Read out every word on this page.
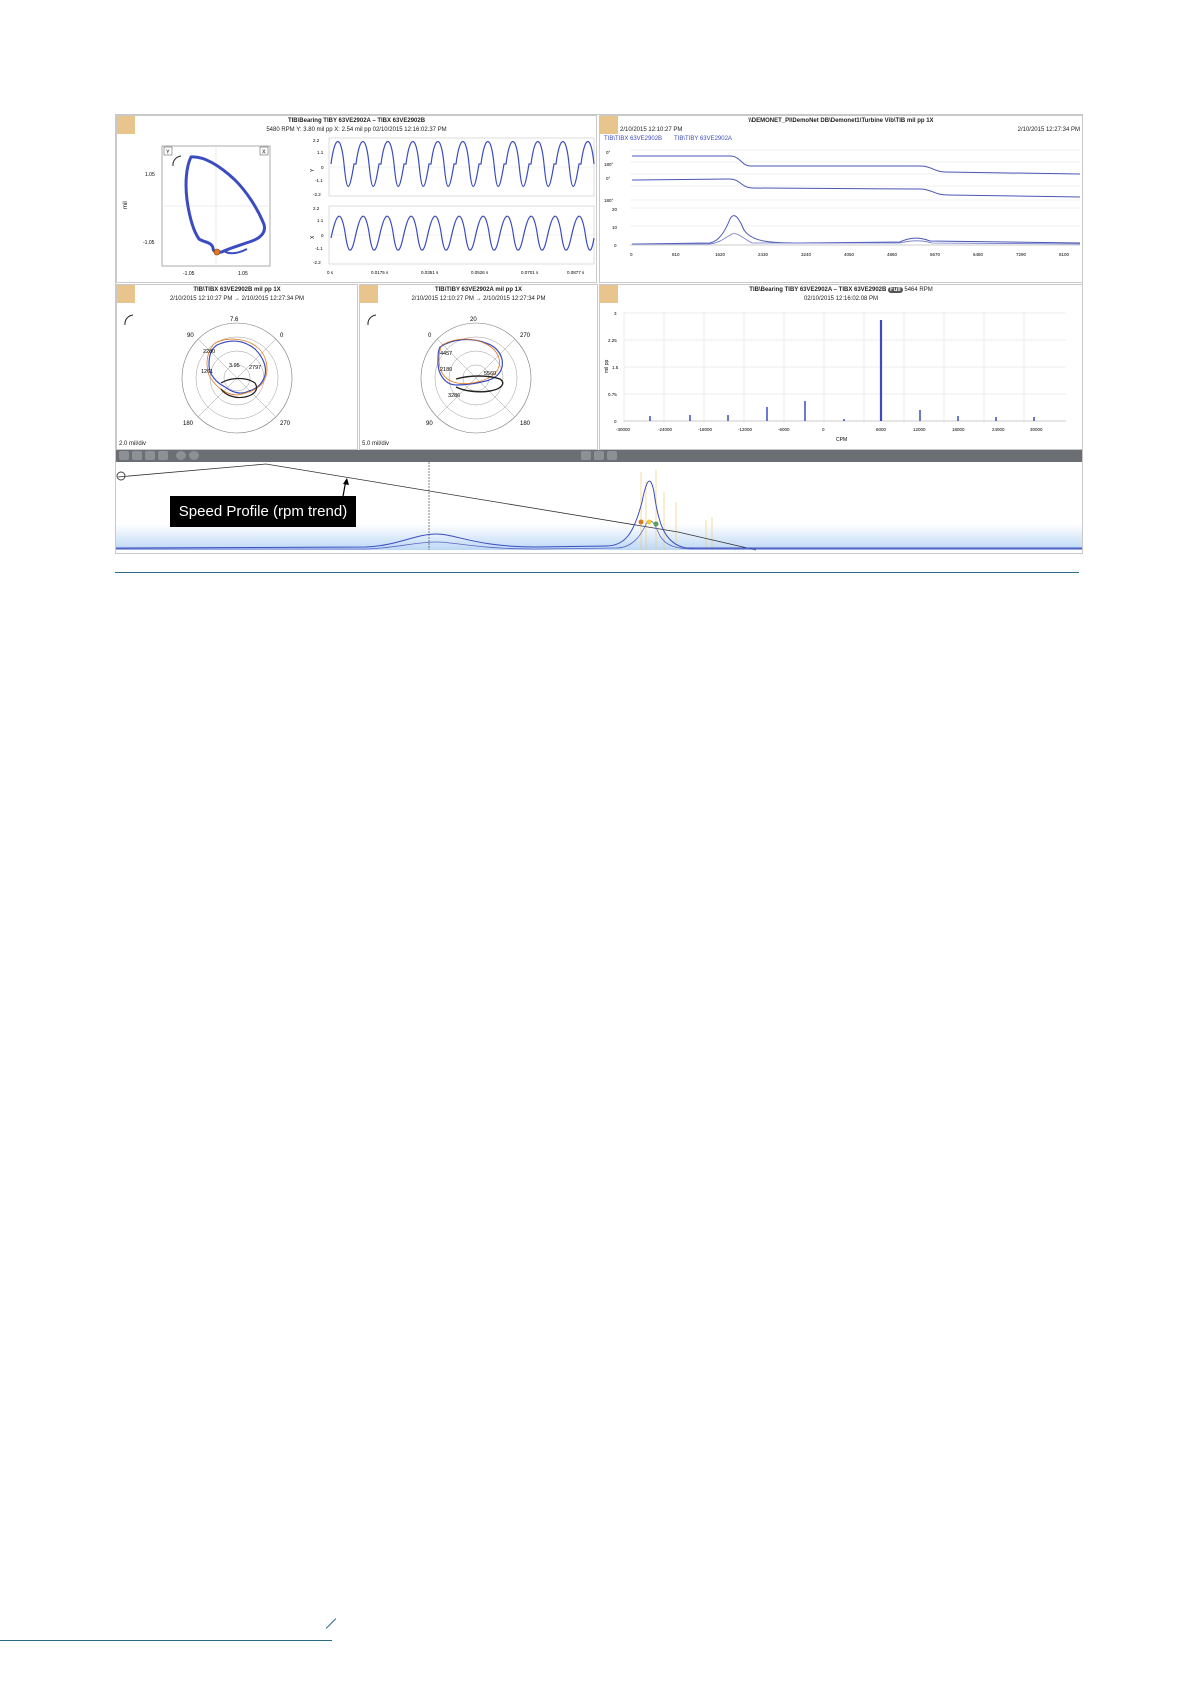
TIB\Bearing TIBY 63VE2902A – TIBX 63VE2902B
5480 RPM Y: 3.80 mil pp X: 2.54 mil pp 02/10/2015 12:16:02.37 PM
mil
1.05
-1.05
-1.05	1.05
Y	X
Y
X
2.2
1.1
0
-1.1
-2.2
2.2
1.1
0
-1.1
-2.2
0 s	0.0175 s	0.0351 s	0.0526 s	0.0701 s	0.0877 s
\\DEMONET_PI\DemoNet DB\Demonet1\Turbine Vib\TIB mil pp 1X
2/10/2015 12:10:27 PM	2/10/2015 12:27:34 PM
TIB\TIBX 63VE2902B TIB\TIBY 63VE2902A
0°
180°
0°
180°
20
10
0
0	810	1620	2430	3240	4050	4860	5670	6480	7290	8100
TIB\TIBX 63VE2902B mil pp 1X
2/10/2015 12:10:27 PM → 2/10/2015 12:27:34 PM
2.0 mil/div
7.6
90	0
180	270
2280
1261
3.95 2797
TIB\TIBY 63VE2902A mil pp 1X
2/10/2015 12:10:27 PM → 2/10/2015 12:27:34 PM
5.0 mil/div
20
0	270
90	180
4457
2180
3286
5560
TIB\Bearing TIBY 63VE2902A – TIBX 63VE2902B Full 5464 RPM
02/10/2015 12:16:02.08 PM
mil pp
3
2.25
1.5
0.75
0
-30000	-24000	-18000	-12000	-6000	0	6000	12000	18000	24000	30000
CPM
Speed Profile (rpm trend)
